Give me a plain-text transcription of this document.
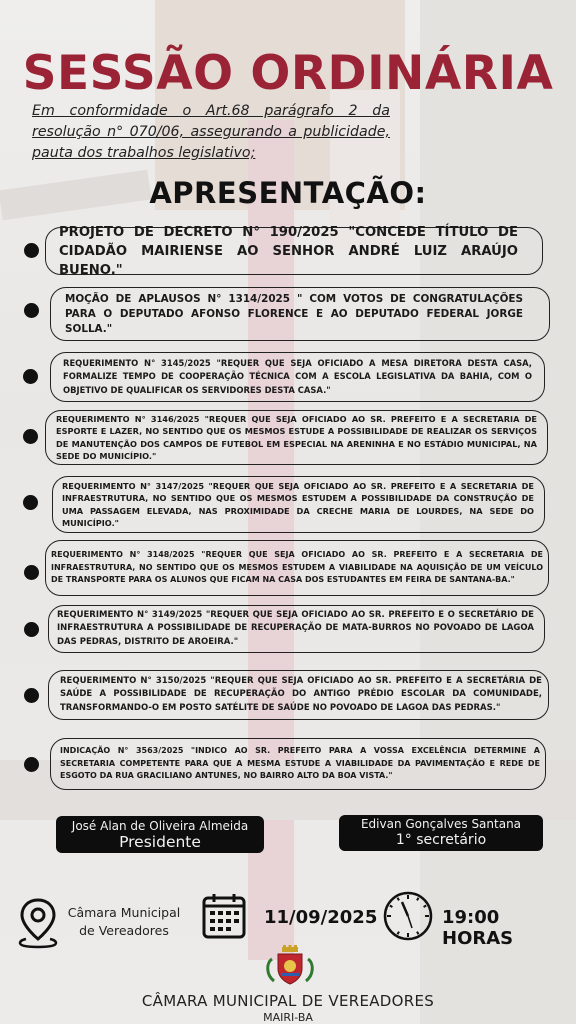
SESSÃO ORDINÁRIA
Em conformidade o Art.68 parágrafo 2 da resolução n° 070/06, assegurando a publicidade, pauta dos trabalhos legislativo;
APRESENTAÇÃO:
PROJETO DE DECRETO N° 190/2025 "CONCEDE TÍTULO DE CIDADÃO MAIRIENSE AO SENHOR ANDRÉ LUIZ ARAÚJO BUENO."
MOÇÃO DE APLAUSOS N° 1314/2025 " COM VOTOS DE CONGRATULAÇÕES PARA O DEPUTADO AFONSO FLORENCE E AO DEPUTADO FEDERAL JORGE SOLLA."
REQUERIMENTO N° 3145/2025 "REQUER QUE SEJA OFICIADO A MESA DIRETORA DESTA CASA, FORMALIZE TEMPO DE COOPERAÇÃO TÉCNICA COM A ESCOLA LEGISLATIVA DA BAHIA, COM O OBJETIVO DE QUALIFICAR OS SERVIDORES DESTA CASA."
REQUERIMENTO N° 3146/2025 "REQUER QUE SEJA OFICIADO AO SR. PREFEITO E A SECRETARIA DE ESPORTE E LAZER, NO SENTIDO QUE OS MESMOS ESTUDE A POSSIBILIDADE DE REALIZAR OS SERVIÇOS DE MANUTENÇÃO DOS CAMPOS DE FUTEBOL EM ESPECIAL NA ARENINHA E NO ESTÁDIO MUNICIPAL, NA SEDE DO MUNICÍPIO."
REQUERIMENTO N° 3147/2025 "REQUER QUE SEJA OFICIADO AO SR. PREFEITO E A SECRETARIA DE INFRAESTRUTURA, NO SENTIDO QUE OS MESMOS ESTUDEM A POSSIBILIDADE DA CONSTRUÇÃO DE UMA PASSAGEM ELEVADA, NAS PROXIMIDADE DA CRECHE MARIA DE LOURDES, NA SEDE DO MUNICÍPIO."
REQUERIMENTO N° 3148/2025 "REQUER QUE SEJA OFICIADO AO SR. PREFEITO E A SECRETARIA DE INFRAESTRUTURA, NO SENTIDO QUE OS MESMOS ESTUDEM A VIABILIDADE NA AQUISIÇÃO DE UM VEÍCULO DE TRANSPORTE PARA OS ALUNOS QUE FICAM NA CASA DOS ESTUDANTES EM FEIRA DE SANTANA-BA."
REQUERIMENTO N° 3149/2025 "REQUER QUE SEJA OFICIADO AO SR. PREFEITO E O SECRETÁRIO DE INFRAESTRUTURA A POSSIBILIDADE DE RECUPERAÇÃO DE MATA-BURROS NO POVOADO DE LAGOA DAS PEDRAS, DISTRITO DE AROEIRA."
REQUERIMENTO N° 3150/2025 "REQUER QUE SEJA OFICIADO AO SR. PREFEITO E A SECRETÁRIA DE SAÚDE A POSSIBILIDADE DE RECUPERAÇÃO DO ANTIGO PRÉDIO ESCOLAR DA COMUNIDADE, TRANSFORMANDO-O EM POSTO SATÉLITE DE SAÚDE NO POVOADO DE LAGOA DAS PEDRAS."
INDICAÇÃO N° 3563/2025 "INDICO AO SR. PREFEITO PARA A VOSSA EXCELÊNCIA DETERMINE A SECRETARIA COMPETENTE PARA QUE A MESMA ESTUDE A VIABILIDADE DA PAVIMENTAÇÃO E REDE DE ESGOTO DA RUA GRACILIANO ANTUNES, NO BAIRRO ALTO DA BOA VISTA."
José Alan de Oliveira Almeida
Presidente
Edivan Gonçalves Santana
1° secretário
Câmara Municipal
de Vereadores
11/09/2025	19:00 HORAS
CÂMARA MUNICIPAL DE VEREADORES
MAIRI-BA
